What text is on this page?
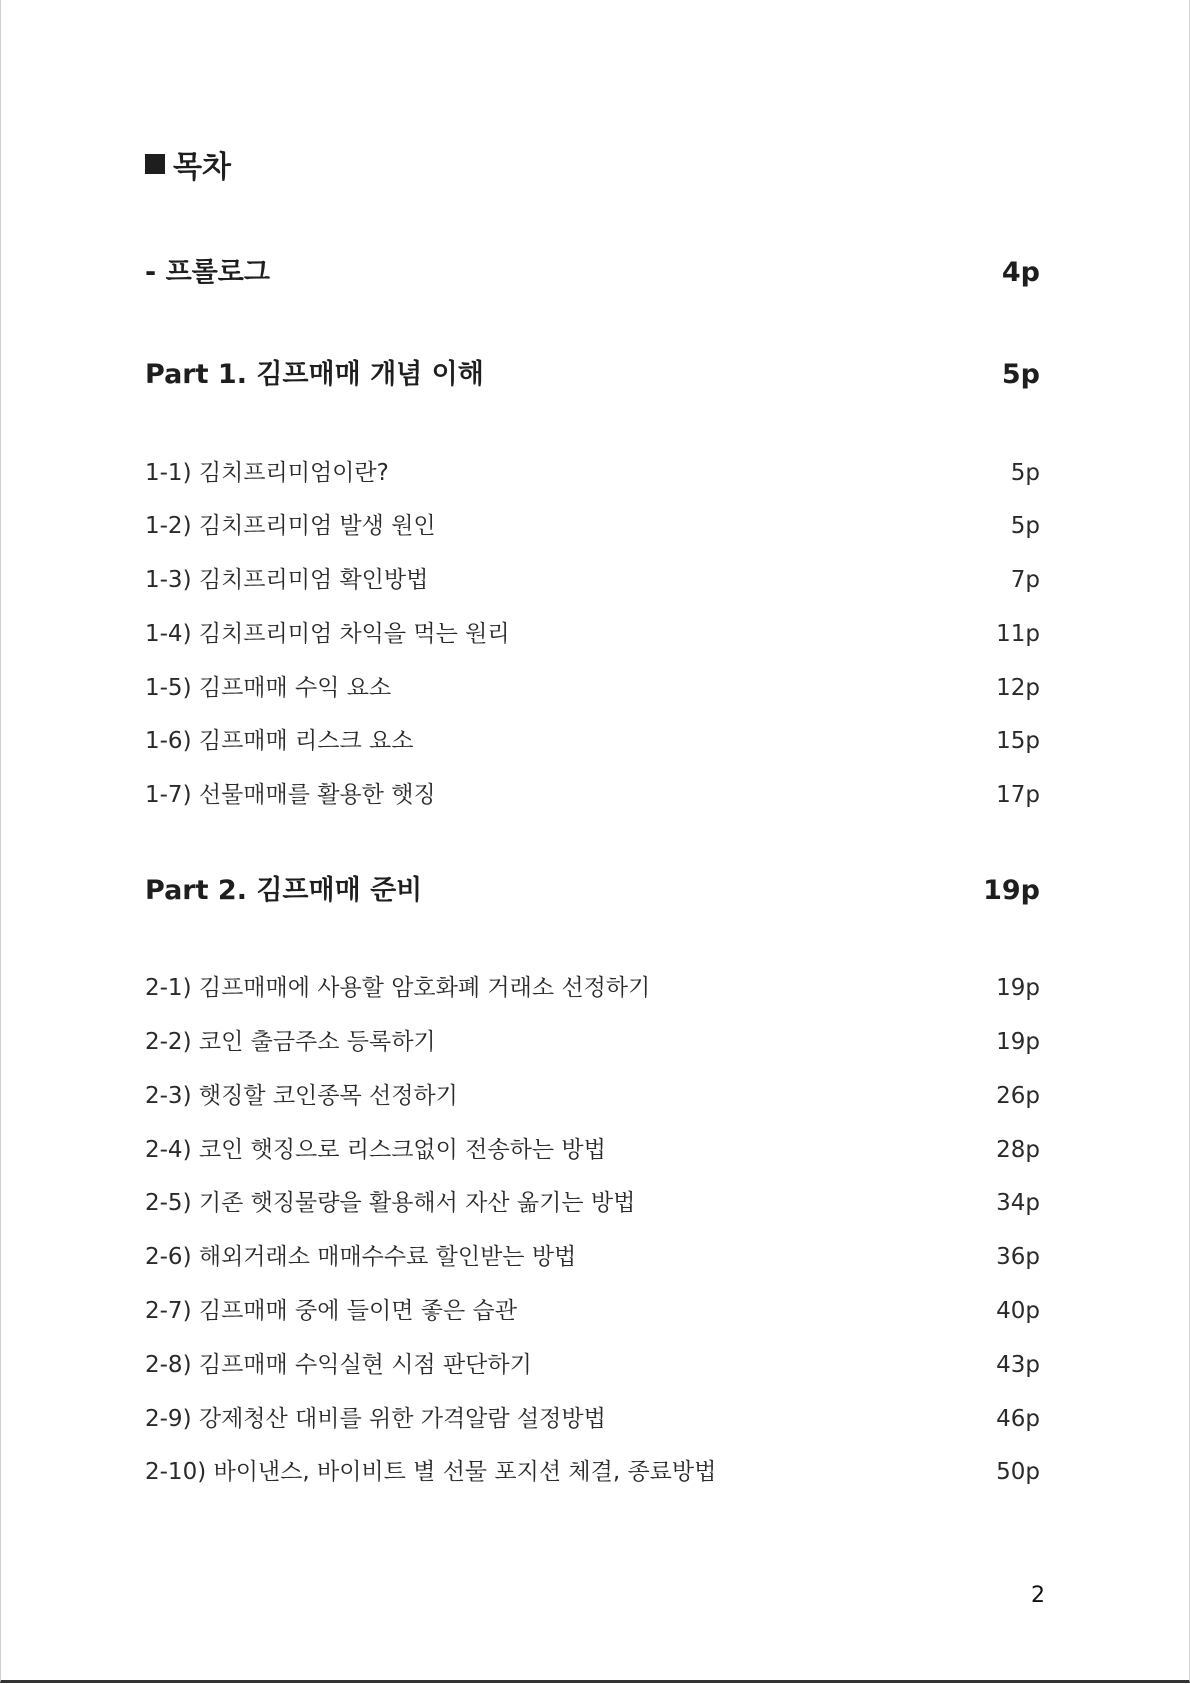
목차
- 프롤로그	4p
Part 1. 김프매매 개념 이해	5p
1-1) 김치프리미엄이란?	5p
1-2) 김치프리미엄 발생 원인	5p
1-3) 김치프리미엄 확인방법	7p
1-4) 김치프리미엄 차익을 먹는 원리	11p
1-5) 김프매매 수익 요소	12p
1-6) 김프매매 리스크 요소	15p
1-7) 선물매매를 활용한 햇징	17p
Part 2. 김프매매 준비	19p
2-1) 김프매매에 사용할 암호화폐 거래소 선정하기	19p
2-2) 코인 출금주소 등록하기	19p
2-3) 햇징할 코인종목 선정하기	26p
2-4) 코인 햇징으로 리스크없이 전송하는 방법	28p
2-5) 기존 햇징물량을 활용해서 자산 옮기는 방법	34p
2-6) 해외거래소 매매수수료 할인받는 방법	36p
2-7) 김프매매 중에 들이면 좋은 습관	40p
2-8) 김프매매 수익실현 시점 판단하기	43p
2-9) 강제청산 대비를 위한 가격알람 설정방법	46p
2-10) 바이낸스, 바이비트 별 선물 포지션 체결, 종료방법	50p
2
